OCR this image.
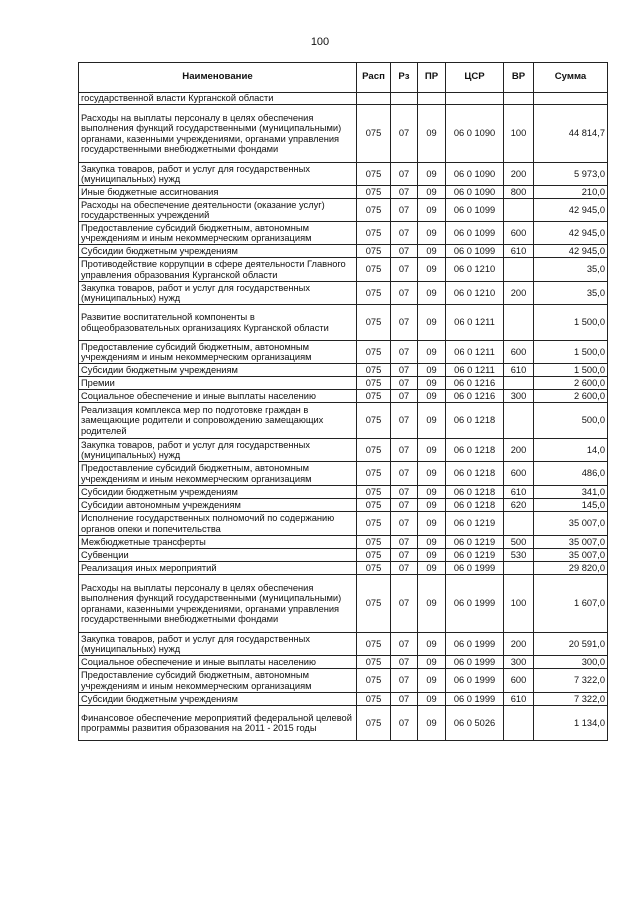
100
Наименование	Расп	Рз	ПР	ЦСР	ВР	Сумма
государственной власти Курганской области						
Расходы на выплаты персоналу в целях обеспечения выполнения функций государственными (муниципальными) органами, казенными учреждениями, органами управления государственными внебюджетными фондами	075	07	09	06 0 1090	100	44 814,7
Закупка товаров, работ и услуг для государственных (муниципальных) нужд	075	07	09	06 0 1090	200	5 973,0
Иные бюджетные ассигнования	075	07	09	06 0 1090	800	210,0
Расходы на обеспечение деятельности (оказание услуг) государственных учреждений	075	07	09	06 0 1099		42 945,0
Предоставление субсидий бюджетным, автономным учреждениям и иным некоммерческим организациям	075	07	09	06 0 1099	600	42 945,0
Субсидии бюджетным учреждениям	075	07	09	06 0 1099	610	42 945,0
Противодействие коррупции в сфере деятельности Главного управления образования Курганской области	075	07	09	06 0 1210		35,0
Закупка товаров, работ и услуг для государственных (муниципальных) нужд	075	07	09	06 0 1210	200	35,0
Развитие воспитательной компоненты в общеобразовательных организациях Курганской области	075	07	09	06 0 1211		1 500,0
Предоставление субсидий бюджетным, автономным учреждениям и иным некоммерческим организациям	075	07	09	06 0 1211	600	1 500,0
Субсидии бюджетным учреждениям	075	07	09	06 0 1211	610	1 500,0
Премии	075	07	09	06 0 1216		2 600,0
Социальное обеспечение и иные выплаты населению	075	07	09	06 0 1216	300	2 600,0
Реализация комплекса мер по подготовке граждан в замещающие родители и сопровождению замещающих родителей	075	07	09	06 0 1218		500,0
Закупка товаров, работ и услуг для государственных (муниципальных) нужд	075	07	09	06 0 1218	200	14,0
Предоставление субсидий бюджетным, автономным учреждениям и иным некоммерческим организациям	075	07	09	06 0 1218	600	486,0
Субсидии бюджетным учреждениям	075	07	09	06 0 1218	610	341,0
Субсидии автономным учреждениям	075	07	09	06 0 1218	620	145,0
Исполнение государственных полномочий по содержанию органов опеки и попечительства	075	07	09	06 0 1219		35 007,0
Межбюджетные трансферты	075	07	09	06 0 1219	500	35 007,0
Субвенции	075	07	09	06 0 1219	530	35 007,0
Реализация иных мероприятий	075	07	09	06 0 1999		29 820,0
Расходы на выплаты персоналу в целях обеспечения выполнения функций государственными (муниципальными) органами, казенными учреждениями, органами управления государственными внебюджетными фондами	075	07	09	06 0 1999	100	1 607,0
Закупка товаров, работ и услуг для государственных (муниципальных) нужд	075	07	09	06 0 1999	200	20 591,0
Социальное обеспечение и иные выплаты населению	075	07	09	06 0 1999	300	300,0
Предоставление субсидий бюджетным, автономным учреждениям и иным некоммерческим организациям	075	07	09	06 0 1999	600	7 322,0
Субсидии бюджетным учреждениям	075	07	09	06 0 1999	610	7 322,0
Финансовое обеспечение мероприятий федеральной целевой программы развития образования на 2011 - 2015 годы	075	07	09	06 0 5026		1 134,0
